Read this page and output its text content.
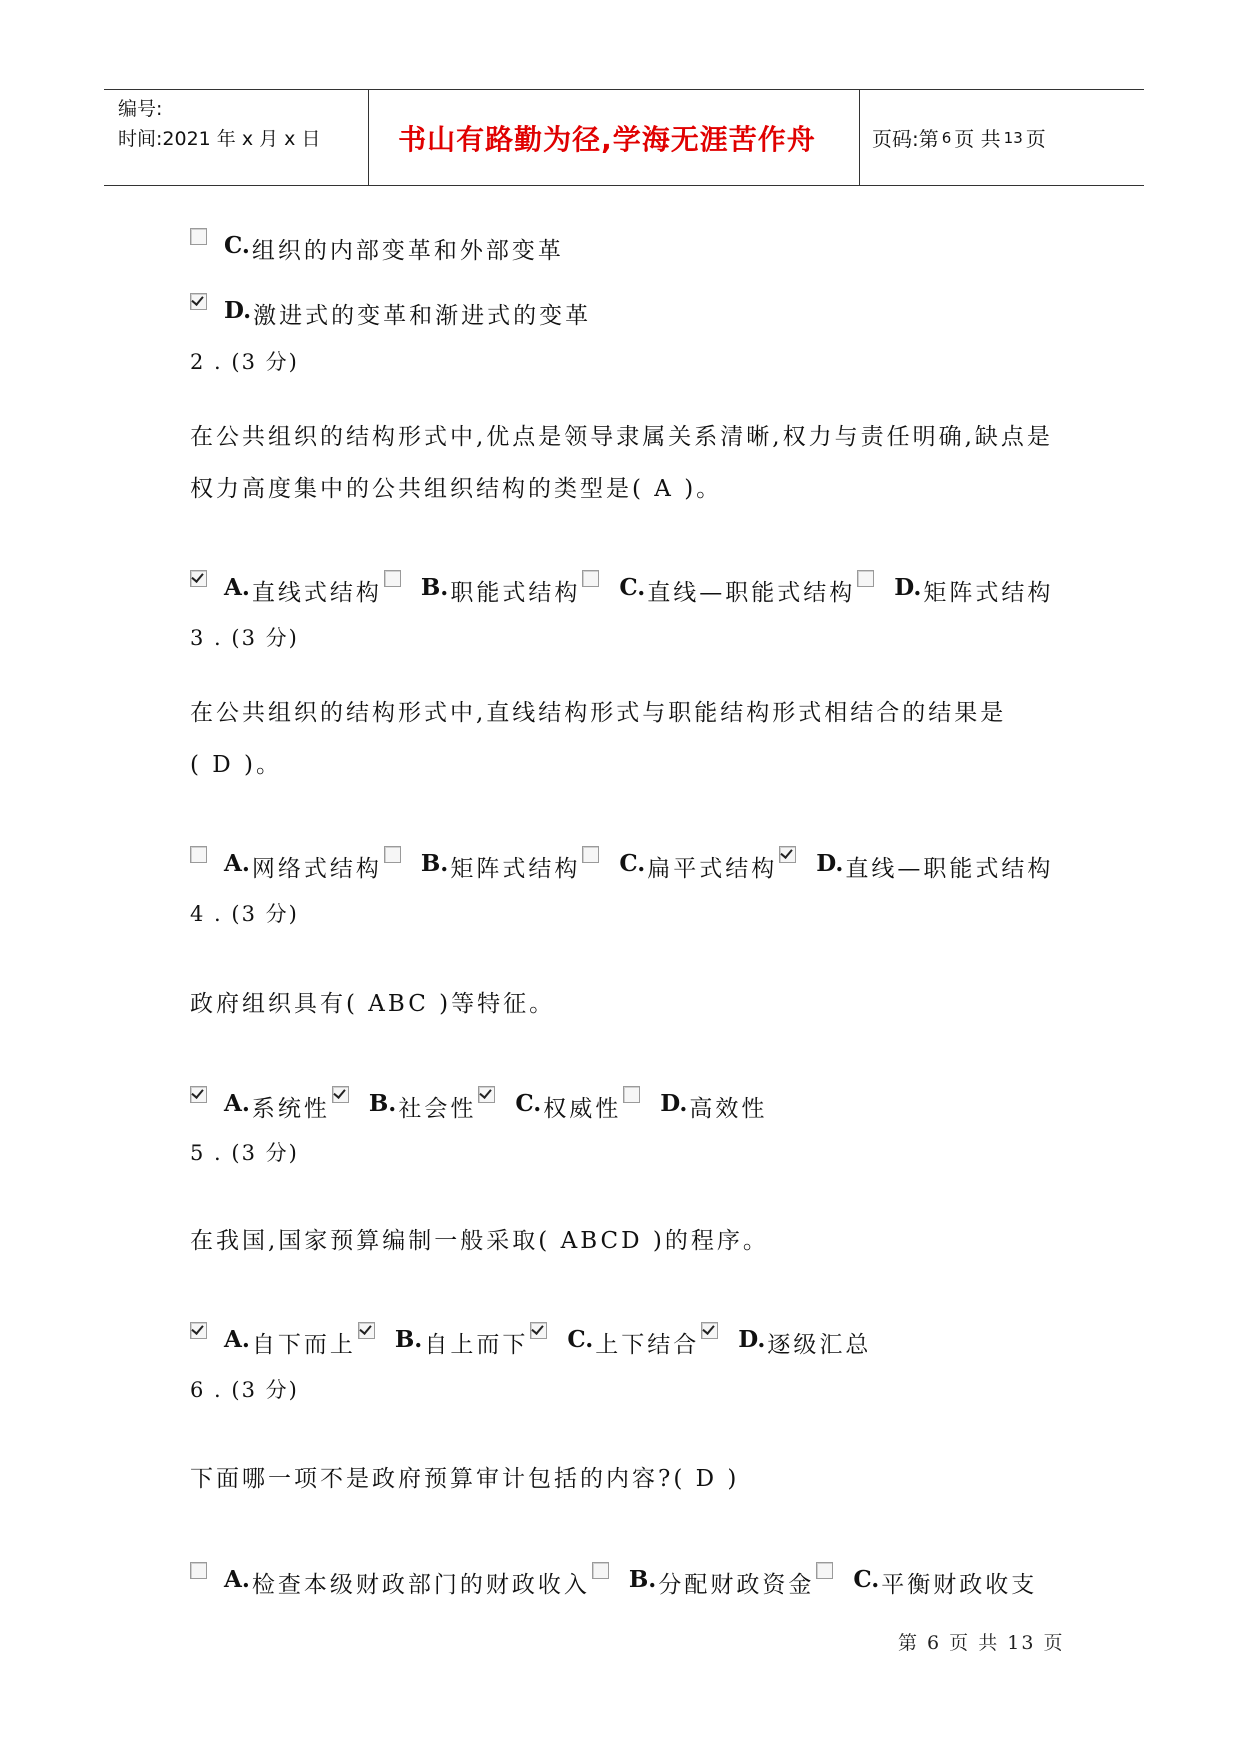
编号:
时间:2021 年 x 月 x 日	书山有路勤为径,学海无涯苦作舟	页码:第 6 页 共 13 页
C. 组织的内部变革和外部变革
D. 激进式的变革和渐进式的变革
2 . (3 分)
在公共组织的结构形式中,优点是领导隶属关系清晰,权力与责任明确,缺点是
权力高度集中的公共组织结构的类型是( A )。
A. 直线式结构 B. 职能式结构 C. 直线—职能式结构 D. 矩阵式结构
3 . (3 分)
在公共组织的结构形式中,直线结构形式与职能结构形式相结合的结果是
( D )。
A. 网络式结构 B. 矩阵式结构 C. 扁平式结构 D. 直线—职能式结构
4 . (3 分)
政府组织具有( ABC )等特征。
A. 系统性 B. 社会性 C. 权威性 D. 高效性
5 . (3 分)
在我国,国家预算编制一般采取( ABCD )的程序。
A. 自下而上 B. 自上而下 C. 上下结合 D. 逐级汇总
6 . (3 分)
下面哪一项不是政府预算审计包括的内容?( D )
A. 检查本级财政部门的财政收入 B. 分配财政资金 C. 平衡财政收支
第 6 页 共 13 页
